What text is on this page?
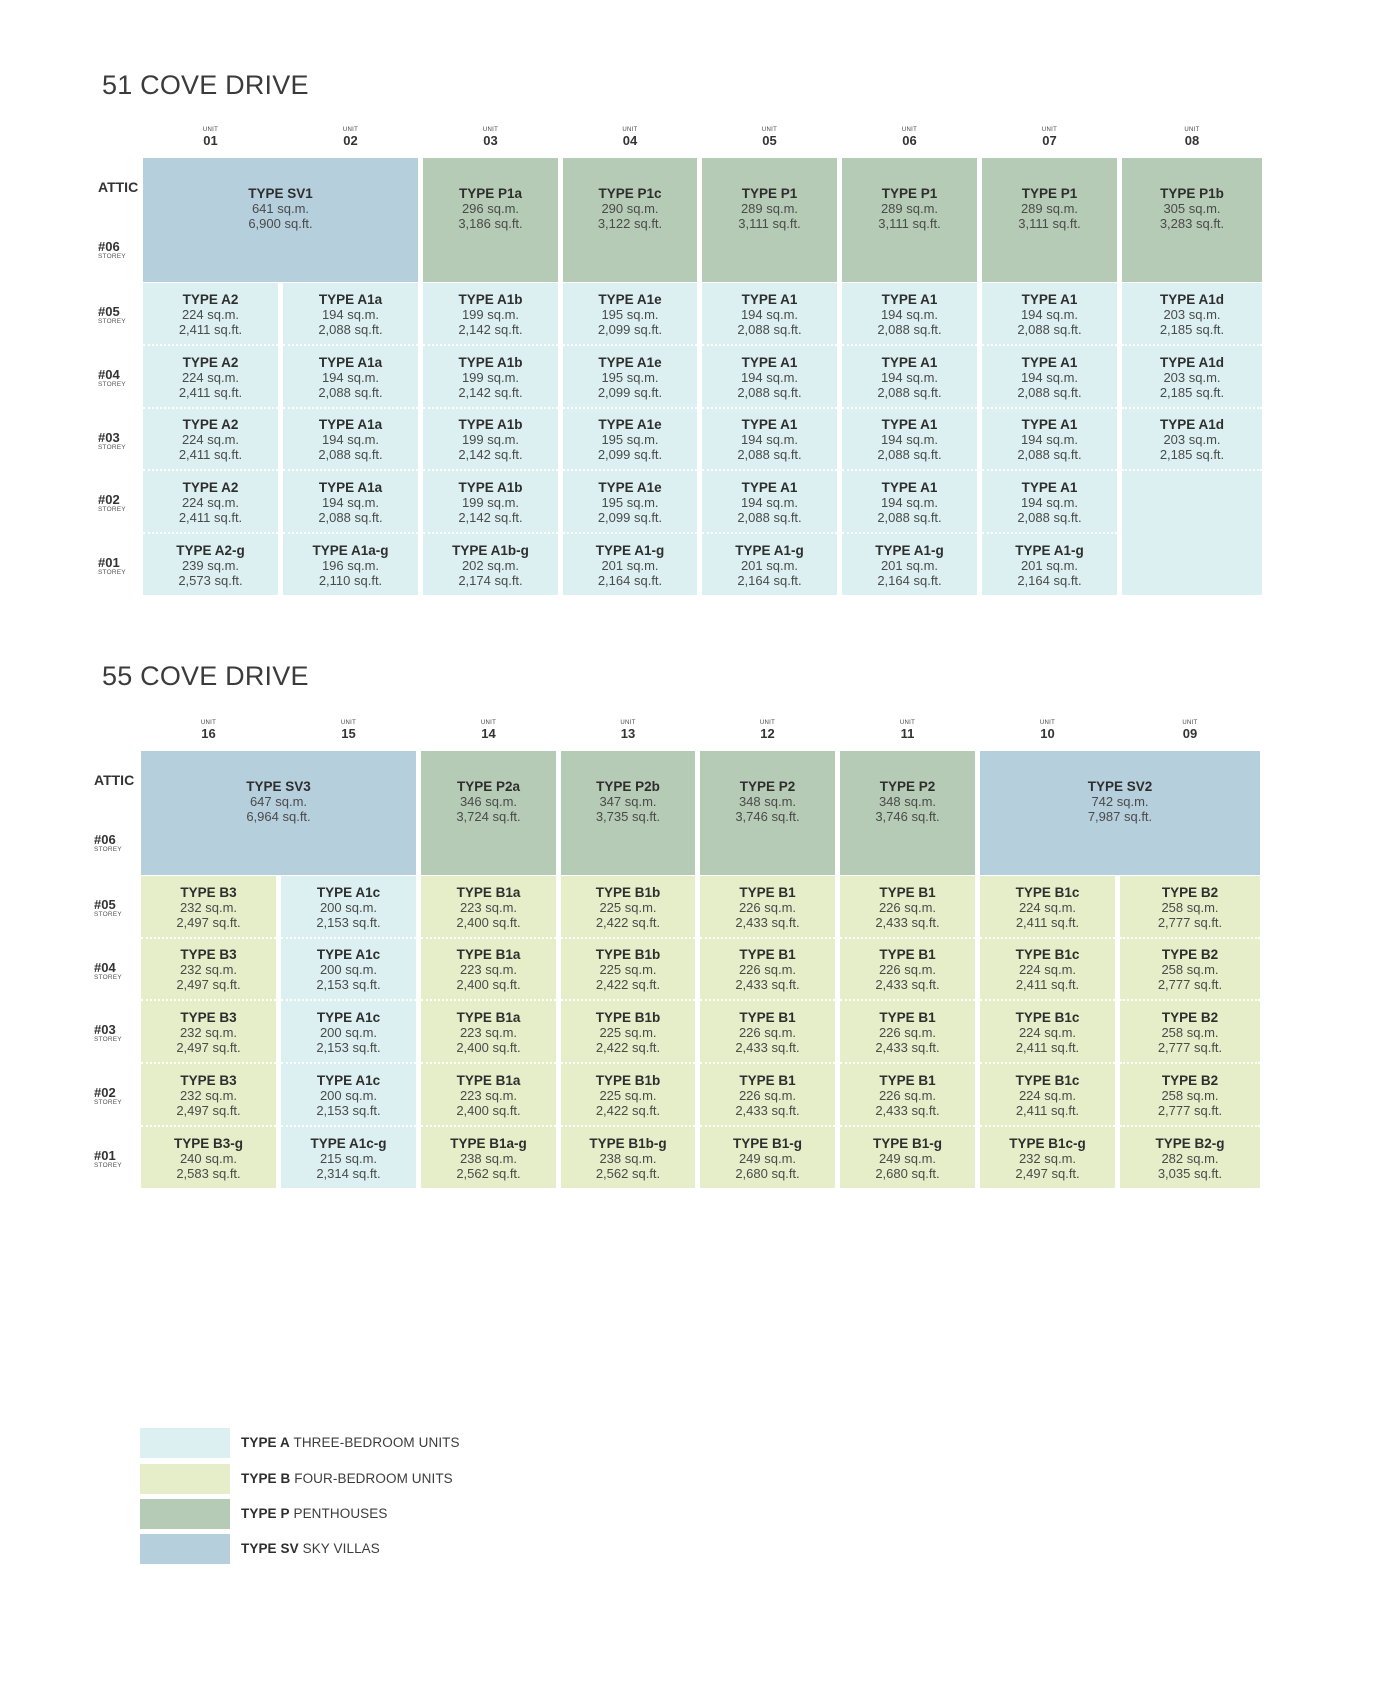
51 COVE DRIVE
UNIT
01
UNIT
02
UNIT
03
UNIT
04
UNIT
05
UNIT
06
UNIT
07
UNIT
08
ATTIC
#06
STOREY
#05
STOREY
#04
STOREY
#03
STOREY
#02
STOREY
#01
STOREY
TYPE SV1
641 sq.m.
6,900 sq.ft.
TYPE P1a
296 sq.m.
3,186 sq.ft.
TYPE P1c
290 sq.m.
3,122 sq.ft.
TYPE P1
289 sq.m.
3,111 sq.ft.
TYPE P1
289 sq.m.
3,111 sq.ft.
TYPE P1
289 sq.m.
3,111 sq.ft.
TYPE P1b
305 sq.m.
3,283 sq.ft.
TYPE A2
224 sq.m.
2,411 sq.ft.
TYPE A1a
194 sq.m.
2,088 sq.ft.
TYPE A1b
199 sq.m.
2,142 sq.ft.
TYPE A1e
195 sq.m.
2,099 sq.ft.
TYPE A1
194 sq.m.
2,088 sq.ft.
TYPE A1
194 sq.m.
2,088 sq.ft.
TYPE A1
194 sq.m.
2,088 sq.ft.
TYPE A1d
203 sq.m.
2,185 sq.ft.
TYPE A2
224 sq.m.
2,411 sq.ft.
TYPE A1a
194 sq.m.
2,088 sq.ft.
TYPE A1b
199 sq.m.
2,142 sq.ft.
TYPE A1e
195 sq.m.
2,099 sq.ft.
TYPE A1
194 sq.m.
2,088 sq.ft.
TYPE A1
194 sq.m.
2,088 sq.ft.
TYPE A1
194 sq.m.
2,088 sq.ft.
TYPE A1d
203 sq.m.
2,185 sq.ft.
TYPE A2
224 sq.m.
2,411 sq.ft.
TYPE A1a
194 sq.m.
2,088 sq.ft.
TYPE A1b
199 sq.m.
2,142 sq.ft.
TYPE A1e
195 sq.m.
2,099 sq.ft.
TYPE A1
194 sq.m.
2,088 sq.ft.
TYPE A1
194 sq.m.
2,088 sq.ft.
TYPE A1
194 sq.m.
2,088 sq.ft.
TYPE A1d
203 sq.m.
2,185 sq.ft.
TYPE A2
224 sq.m.
2,411 sq.ft.
TYPE A1a
194 sq.m.
2,088 sq.ft.
TYPE A1b
199 sq.m.
2,142 sq.ft.
TYPE A1e
195 sq.m.
2,099 sq.ft.
TYPE A1
194 sq.m.
2,088 sq.ft.
TYPE A1
194 sq.m.
2,088 sq.ft.
TYPE A1
194 sq.m.
2,088 sq.ft.
TYPE A2-g
239 sq.m.
2,573 sq.ft.
TYPE A1a-g
196 sq.m.
2,110 sq.ft.
TYPE A1b-g
202 sq.m.
2,174 sq.ft.
TYPE A1-g
201 sq.m.
2,164 sq.ft.
TYPE A1-g
201 sq.m.
2,164 sq.ft.
TYPE A1-g
201 sq.m.
2,164 sq.ft.
TYPE A1-g
201 sq.m.
2,164 sq.ft.
55 COVE DRIVE
UNIT
16
UNIT
15
UNIT
14
UNIT
13
UNIT
12
UNIT
11
UNIT
10
UNIT
09
ATTIC
#06
STOREY
#05
STOREY
#04
STOREY
#03
STOREY
#02
STOREY
#01
STOREY
TYPE SV3
647 sq.m.
6,964 sq.ft.
TYPE P2a
346 sq.m.
3,724 sq.ft.
TYPE P2b
347 sq.m.
3,735 sq.ft.
TYPE P2
348 sq.m.
3,746 sq.ft.
TYPE P2
348 sq.m.
3,746 sq.ft.
TYPE SV2
742 sq.m.
7,987 sq.ft.
TYPE B3
232 sq.m.
2,497 sq.ft.
TYPE A1c
200 sq.m.
2,153 sq.ft.
TYPE B1a
223 sq.m.
2,400 sq.ft.
TYPE B1b
225 sq.m.
2,422 sq.ft.
TYPE B1
226 sq.m.
2,433 sq.ft.
TYPE B1
226 sq.m.
2,433 sq.ft.
TYPE B1c
224 sq.m.
2,411 sq.ft.
TYPE B2
258 sq.m.
2,777 sq.ft.
TYPE B3
232 sq.m.
2,497 sq.ft.
TYPE A1c
200 sq.m.
2,153 sq.ft.
TYPE B1a
223 sq.m.
2,400 sq.ft.
TYPE B1b
225 sq.m.
2,422 sq.ft.
TYPE B1
226 sq.m.
2,433 sq.ft.
TYPE B1
226 sq.m.
2,433 sq.ft.
TYPE B1c
224 sq.m.
2,411 sq.ft.
TYPE B2
258 sq.m.
2,777 sq.ft.
TYPE B3
232 sq.m.
2,497 sq.ft.
TYPE A1c
200 sq.m.
2,153 sq.ft.
TYPE B1a
223 sq.m.
2,400 sq.ft.
TYPE B1b
225 sq.m.
2,422 sq.ft.
TYPE B1
226 sq.m.
2,433 sq.ft.
TYPE B1
226 sq.m.
2,433 sq.ft.
TYPE B1c
224 sq.m.
2,411 sq.ft.
TYPE B2
258 sq.m.
2,777 sq.ft.
TYPE B3
232 sq.m.
2,497 sq.ft.
TYPE A1c
200 sq.m.
2,153 sq.ft.
TYPE B1a
223 sq.m.
2,400 sq.ft.
TYPE B1b
225 sq.m.
2,422 sq.ft.
TYPE B1
226 sq.m.
2,433 sq.ft.
TYPE B1
226 sq.m.
2,433 sq.ft.
TYPE B1c
224 sq.m.
2,411 sq.ft.
TYPE B2
258 sq.m.
2,777 sq.ft.
TYPE B3-g
240 sq.m.
2,583 sq.ft.
TYPE A1c-g
215 sq.m.
2,314 sq.ft.
TYPE B1a-g
238 sq.m.
2,562 sq.ft.
TYPE B1b-g
238 sq.m.
2,562 sq.ft.
TYPE B1-g
249 sq.m.
2,680 sq.ft.
TYPE B1-g
249 sq.m.
2,680 sq.ft.
TYPE B1c-g
232 sq.m.
2,497 sq.ft.
TYPE B2-g
282 sq.m.
3,035 sq.ft.
TYPE A THREE-BEDROOM UNITS
TYPE B FOUR-BEDROOM UNITS
TYPE P PENTHOUSES
TYPE SV SKY VILLAS
